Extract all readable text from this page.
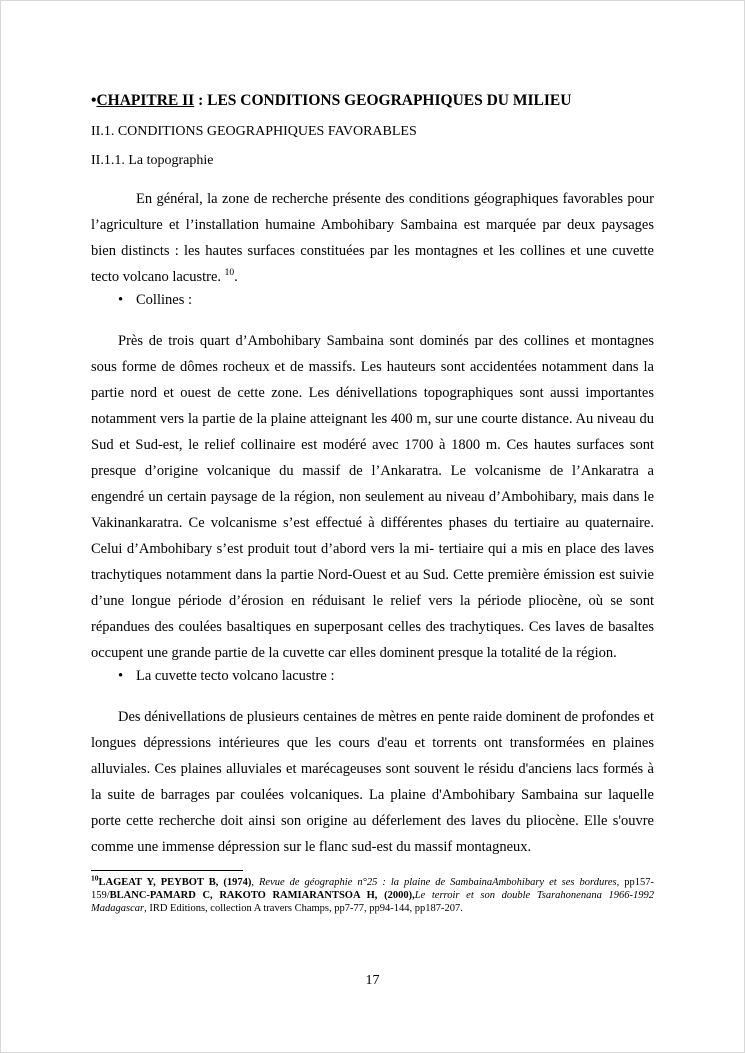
•CHAPITRE II : LES CONDITIONS GEOGRAPHIQUES DU MILIEU
II.1. CONDITIONS GEOGRAPHIQUES FAVORABLES
II.1.1. La topographie

En général, la zone de recherche présente des conditions géographiques favorables pour l’agriculture et l’installation humaine Ambohibary Sambaina est marquée par deux paysages bien distincts : les hautes surfaces constituées par les montagnes et les collines et une cuvette tecto volcano lacustre. $^{10}$.

• Collines :

Près de trois quart d’Ambohibary Sambaina sont dominés par des collines et montagnes sous forme de dômes rocheux et de massifs. Les hauteurs sont accidentées notamment dans la partie nord et ouest de cette zone. Les dénivellations topographiques sont aussi importantes notamment vers la partie de la plaine atteignant les 400 m, sur une courte distance. Au niveau du Sud et Sud-est, le relief collinaire est modéré avec 1700 à 1800 m. Ces hautes surfaces sont presque d’origine volcanique du massif de l’Ankaratra. Le volcanisme de l’Ankaratra a engendré un certain paysage de la région, non seulement au niveau d’Ambohibary, mais dans le Vakinankaratra. Ce volcanisme s’est effectué à différentes phases du tertiaire au quaternaire. Celui d’Ambohibary s’est produit tout d’abord vers la mi- tertiaire qui a mis en place des laves trachytiques notamment dans la partie Nord-Ouest et au Sud. Cette première émission est suivie d’une longue période d’érosion en réduisant le relief vers la période pliocène, où se sont répandues des coulées basaltiques en superposant celles des trachytiques. Ces laves de basaltes occupent une grande partie de la cuvette car elles dominent presque la totalité de la région.

• La cuvette tecto volcano lacustre :

Des dénivellations de plusieurs centaines de mètres en pente raide dominent de profondes et longues dépressions intérieures que les cours d'eau et torrents ont transformées en plaines alluviales. Ces plaines alluviales et marécageuses sont souvent le résidu d'anciens lacs formés à la suite de barrages par coulées volcaniques. La plaine d'Ambohibary Sambaina sur laquelle porte cette recherche doit ainsi son origine au déferlement des laves du pliocène. Elle s'ouvre comme une immense dépression sur le flanc sud-est du massif montagneux.

$^{10}$LAGEAT Y, PEYBOT B, (1974), Revue de géographie n°25 : la plaine de SambainaAmbohibary et ses bordures, pp157-159/BLANC-PAMARD C, RAKOTO RAMIARANTSOA H, (2000),Le terroir et son double Tsarahonenana 1966-1992 Madagascar, IRD Editions, collection A travers Champs, pp7-77, pp94-144, pp187-207.

17
